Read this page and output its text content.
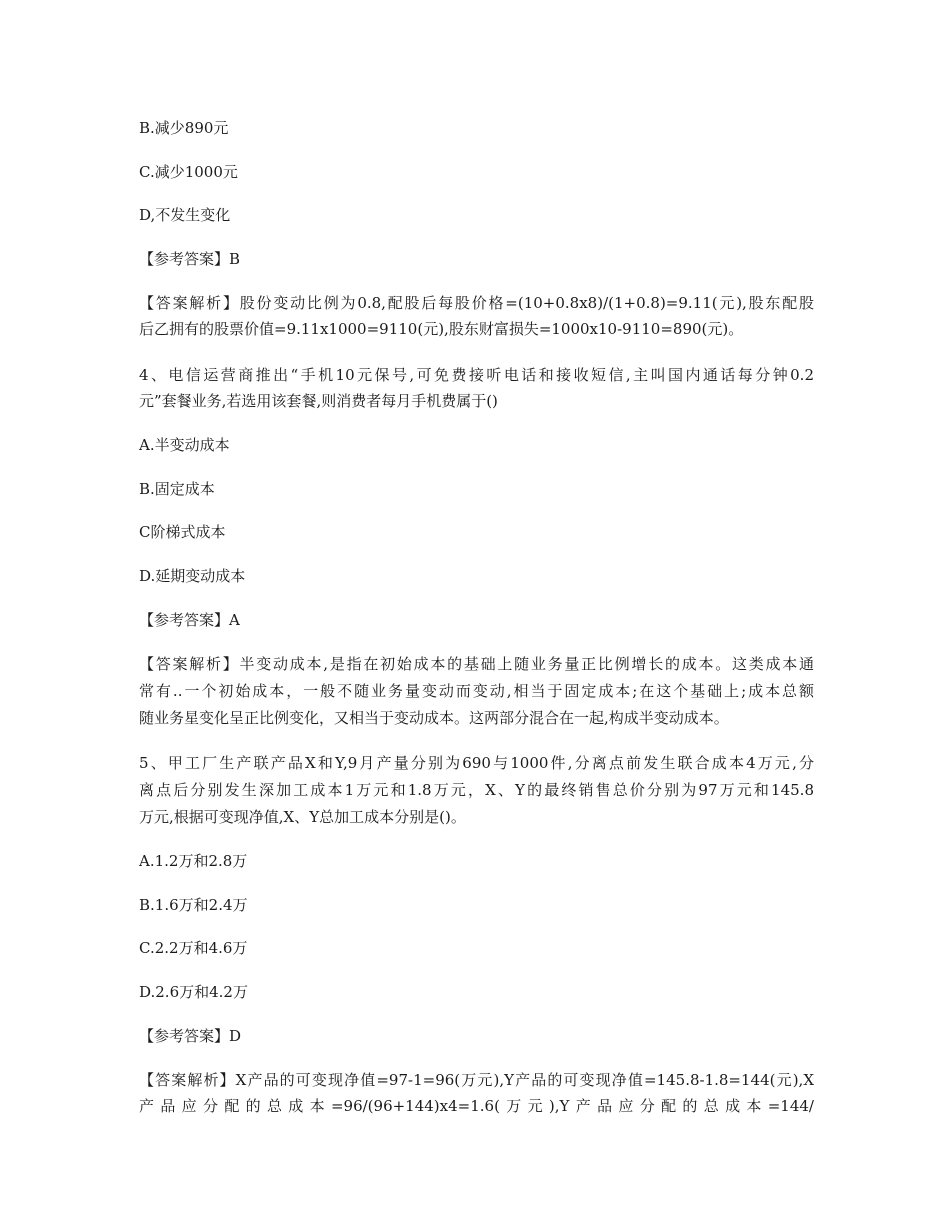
B.减少890元
C.减少1000元
D,不发生变化
【参考答案】B
【答案解析】股份变动比例为0.8,配股后每股价格=(10+0.8x8)/(1+0.8)=9.11(元),股东配股
后乙拥有的股票价值=9.11x1000=9110(元),股东财富损失=1000x10-9110=890(元)。
4、电信运营商推出“手机10元保号,可免费接听电话和接收短信,主叫国内通话每分钟0.2
元”套餐业务,若选用该套餐,则消费者每月手机费属于()
A.半变动成本
B.固定成本
C阶梯式成本
D.延期变动成本
【参考答案】A
【答案解析】半变动成本,是指在初始成本的基础上随业务量正比例增长的成本。这类成本通
常有..一个初始成本，一般不随业务量变动而变动,相当于固定成本;在这个基础上;成本总额
随业务星变化呈正比例变化，又相当于变动成本。这两部分混合在一起,构成半变动成本。
5、甲工厂生产联产品X和Y,9月产量分别为690与1000件,分离点前发生联合成本4万元,分
离点后分别发生深加工成本1万元和1.8万元，X、Y的最终销售总价分别为97万元和145.8
万元,根据可变现净值,X、Y总加工成本分别是()。
A.1.2万和2.8万
B.1.6万和2.4万
C.2.2万和4.6万
D.2.6万和4.2万
【参考答案】D
【答案解析】X产品的可变现净值=97-1=96(万元),Y产品的可变现净值=145.8-1.8=144(元),X
产品应分配的总成本=96/(96+144)x4=1.6(万元),Y产品应分配的总成本=144/
